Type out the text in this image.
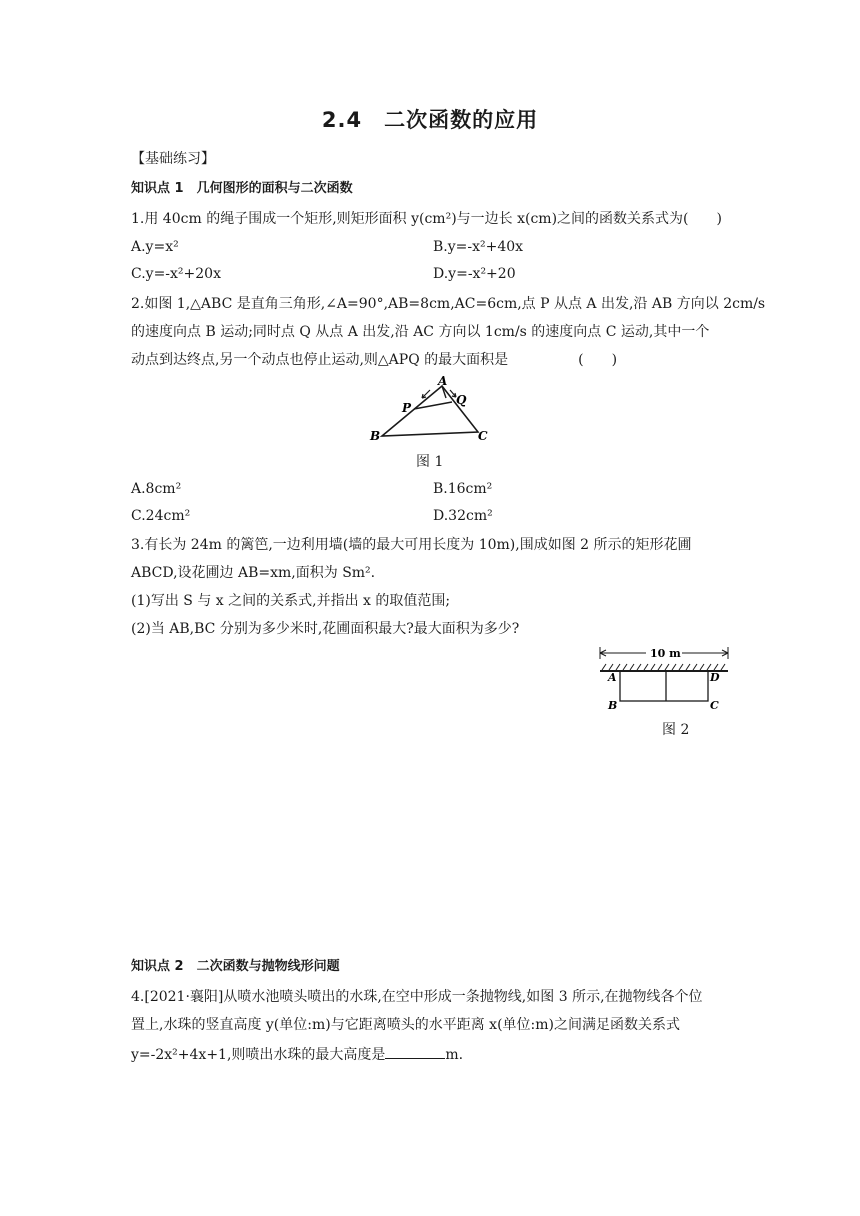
2.4　二次函数的应用
【基础练习】
知识点 1　几何图形的面积与二次函数
1.用 40cm 的绳子围成一个矩形,则矩形面积 y(cm²)与一边长 x(cm)之间的函数关系式为(　　)
A.y=x²	B.y=-x²+40x
C.y=-x²+20x	D.y=-x²+20
2.如图 1,△ABC 是直角三角形,∠A=90°,AB=8cm,AC=6cm,点 P 从点 A 出发,沿 AB 方向以 2cm/s
的速度向点 B 运动;同时点 Q 从点 A 出发,沿 AC 方向以 1cm/s 的速度向点 C 运动,其中一个
动点到达终点,另一个动点也停止运动,则△APQ 的最大面积是　　　　　(　　)
A
P
Q
B	C
图 1
A.8cm²	B.16cm²
C.24cm²	D.32cm²
3.有长为 24m 的篱笆,一边利用墙(墙的最大可用长度为 10m),围成如图 2 所示的矩形花圃
ABCD,设花圃边 AB=xm,面积为 Sm².
(1)写出 S 与 x 之间的关系式,并指出 x 的取值范围;
(2)当 AB,BC 分别为多少米时,花圃面积最大?最大面积为多少?
10 m
A
B
D
C
图 2
知识点 2　二次函数与抛物线形问题
4.[2021·襄阳]从喷水池喷头喷出的水珠,在空中形成一条抛物线,如图 3 所示,在抛物线各个位
置上,水珠的竖直高度 y(单位:m)与它距离喷头的水平距离 x(单位:m)之间满足函数关系式
y=-2x²+4x+1,则喷出水珠的最大高度是	m.
